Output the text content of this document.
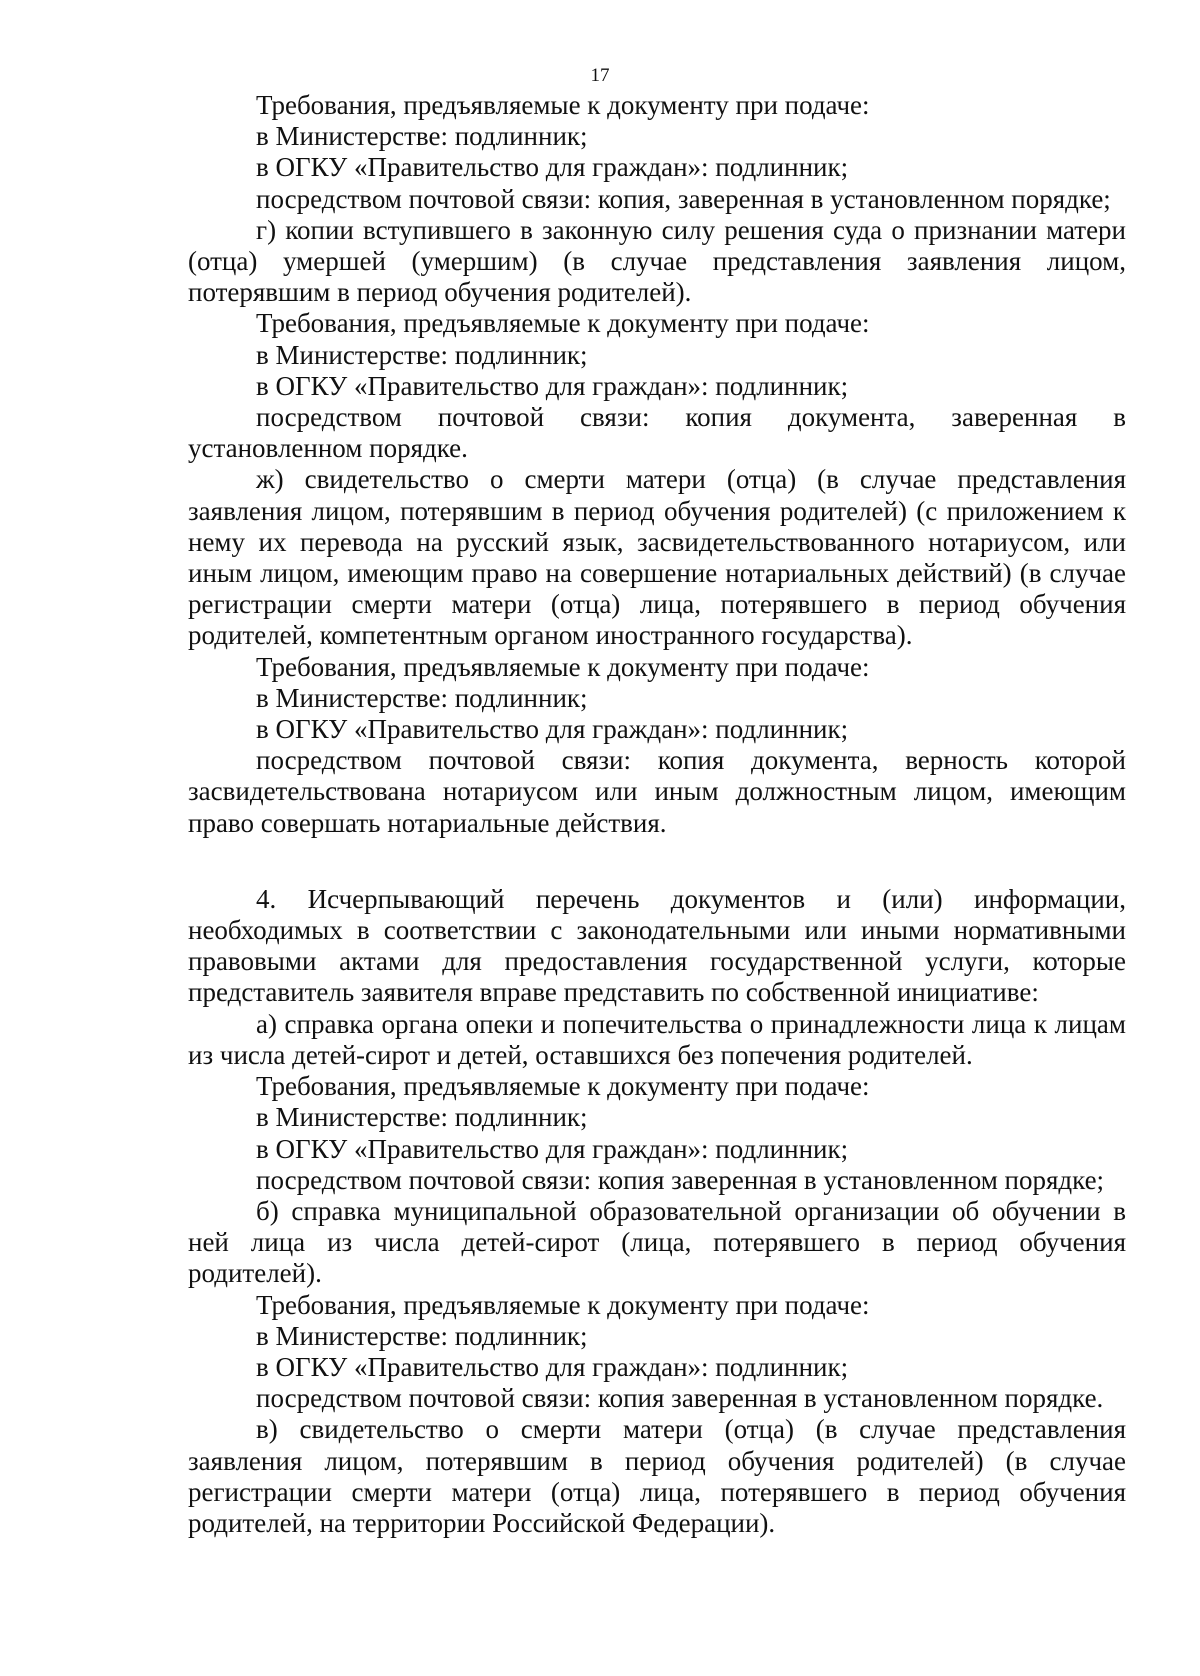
17

Требования, предъявляемые к документу при подаче:

в Министерстве: подлинник;

в ОГКУ «Правительство для граждан»: подлинник;

посредством почтовой связи: копия, заверенная в установленном порядке;

г) копии вступившего в законную силу решения суда о признании матери (отца) умершей (умершим) (в случае представления заявления лицом, потерявшим в период обучения родителей).

Требования, предъявляемые к документу при подаче:

в Министерстве: подлинник;

в ОГКУ «Правительство для граждан»: подлинник;

посредством почтовой связи: копия документа, заверенная в установленном порядке.

ж) свидетельство о смерти матери (отца) (в случае представления заявления лицом, потерявшим в период обучения родителей) (с приложением к нему их перевода на русский язык, засвидетельствованного нотариусом, или иным лицом, имеющим право на совершение нотариальных действий) (в случае регистрации смерти матери (отца) лица, потерявшего в период обучения родителей, компетентным органом иностранного государства).

Требования, предъявляемые к документу при подаче:

в Министерстве: подлинник;

в ОГКУ «Правительство для граждан»: подлинник;

посредством почтовой связи: копия документа, верность которой засвидетельствована нотариусом или иным должностным лицом, имеющим право совершать нотариальные действия.

4. Исчерпывающий перечень документов и (или) информации, необходимых в соответствии с законодательными или иными нормативными правовыми актами для предоставления государственной услуги, которые представитель заявителя вправе представить по собственной инициативе:

а) справка органа опеки и попечительства о принадлежности лица к лицам из числа детей-сирот и детей, оставшихся без попечения родителей.

Требования, предъявляемые к документу при подаче:

в Министерстве: подлинник;

в ОГКУ «Правительство для граждан»: подлинник;

посредством почтовой связи: копия заверенная в установленном порядке;

б) справка муниципальной образовательной организации об обучении в ней лица из числа детей-сирот (лица, потерявшего в период обучения родителей).

Требования, предъявляемые к документу при подаче:

в Министерстве: подлинник;

в ОГКУ «Правительство для граждан»: подлинник;

посредством почтовой связи: копия заверенная в установленном порядке.

в) свидетельство о смерти матери (отца) (в случае представления заявления лицом, потерявшим в период обучения родителей) (в случае регистрации смерти матери (отца) лица, потерявшего в период обучения родителей, на территории Российской Федерации).
